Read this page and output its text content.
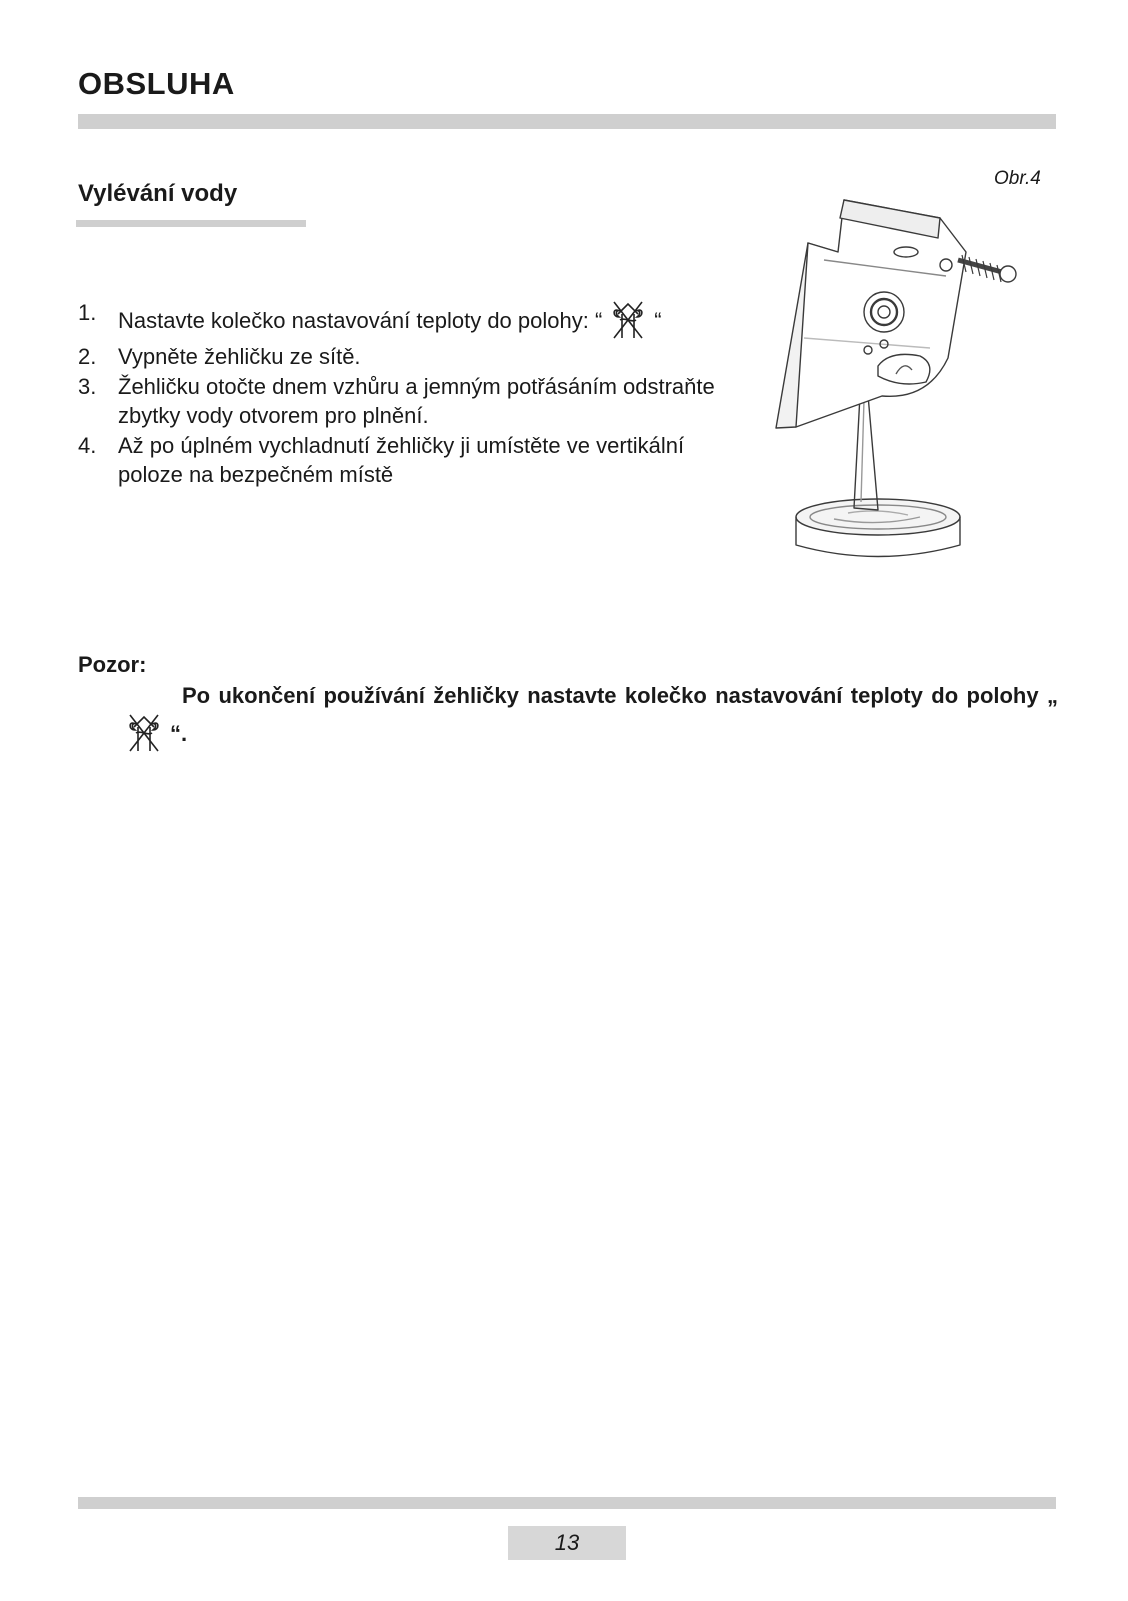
OBSLUHA
Vylévání vody
Obr.4
1. Nastavte kolečko nastavování teploty do polohy: “ “
2. Vypněte žehličku ze sítě.
3. Žehličku otočte dnem vzhůru a jemným potřásáním odstraňte zbytky vody otvorem pro plnění.
4. Až po úplném vychladnutí žehličky ji umístěte ve vertikální poloze na bezpečném místě
Pozor:
Po ukončení používání žehličky nastavte kolečko nastavování teploty do polohy „“.
13
